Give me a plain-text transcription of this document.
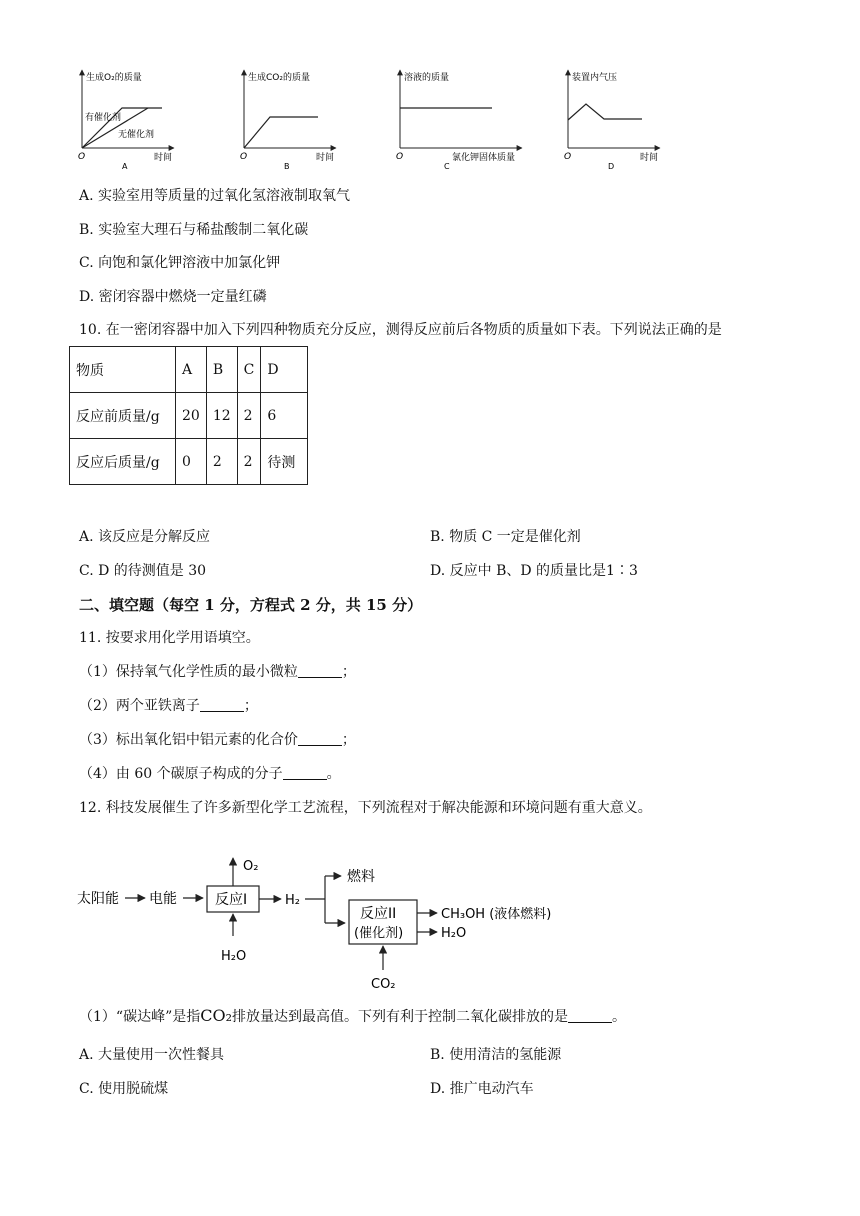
生成O₂的质量
有催化剂
无催化剂
O	时间
A
生成CO₂的质量
O	时间
B
溶液的质量
O	氯化钾固体质量
C
装置内气压
O	时间
D
A. 实验室用等质量的过氧化氢溶液制取氧气
B. 实验室大理石与稀盐酸制二氧化碳
C. 向饱和氯化钾溶液中加氯化钾
D. 密闭容器中燃烧一定量红磷
10. 在一密闭容器中加入下列四种物质充分反应，测得反应前后各物质的质量如下表。下列说法正确的是
物质	A	B	C	D
反应前质量/g	20	12	2	6
反应后质量/g	0	2	2	待测
A. 该反应是分解反应	B. 物质 C 一定是催化剂
C. D 的待测值是 30	D. 反应中 B、D 的质量比是1∶3
二、填空题（每空 1 分，方程式 2 分，共 15 分）
11. 按要求用化学用语填空。
（1）保持氧气化学性质的最小微粒	；
（2）两个亚铁离子	；
（3）标出氧化铝中铝元素的化合价	；
（4）由 60 个碳原子构成的分子	。
12. 科技发展催生了许多新型化学工艺流程，下列流程对于解决能源和环境问题有重大意义。
太阳能 电能	反应I
O₂
H₂O
H₂
燃料
反应II
(催化剂)
CH₃OH (液体燃料)
H₂O
CO₂
（1）“碳达峰”是指CO₂排放量达到最高值。下列有利于控制二氧化碳排放的是	。
A. 大量使用一次性餐具	B. 使用清洁的氢能源
C. 使用脱硫煤	D. 推广电动汽车
